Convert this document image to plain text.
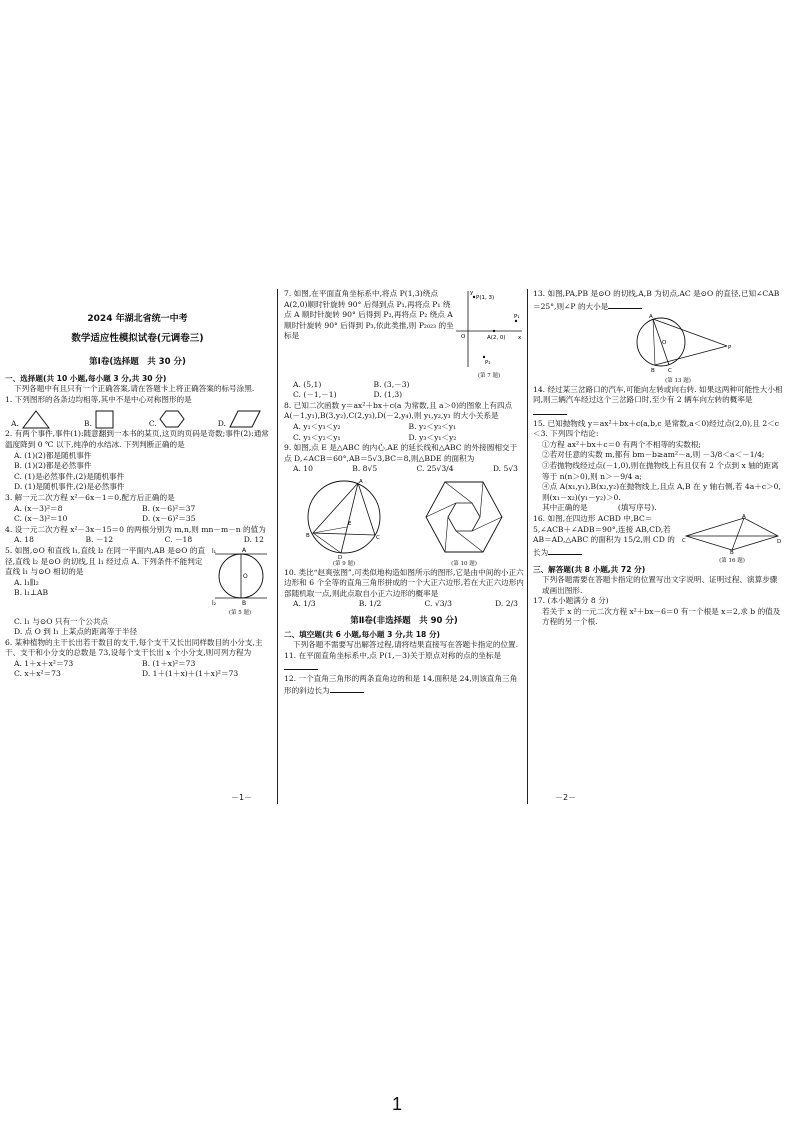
2024 年湖北省统一中考
数学适应性模拟试卷(元调卷三)
第Ⅰ卷(选择题　共 30 分)

一、选择题(共 10 小题,每小题 3 分,共 30 分)

下列各题中有且只有一个正确答案,请在答题卡上将正确答案的标号涂黑.

1. 下列图形的各条边均相等,其中不是中心对称图形的是

A.	B.	C.	D.

2. 有两个事件,事件(1):随意翻到一本书的某页,这页的页码是奇数;事件(2):通常温度降到 0 ℃ 以下,纯净的水结冰. 下列判断正确的是

A. (1)(2)都是随机事件

B. (1)(2)都是必然事件

C. (1)是必然事件,(2)是随机事件

D. (1)是随机事件,(2)是必然事件

3. 解一元二次方程 x²－6x－1＝0,配方后正确的是

A. (x－3)²＝8	B. (x－6)²＝37
C. (x－3)²＝10	D. (x－6)²＝35

4. 设一元二次方程 x²－3x－15＝0 的两根分别为 m,n,则 mn－m－n 的值为

A. 18	B. －12	C. －18	D. 12

5. 如图,⊙O 和直线 l₁,直线 l₂ 在同一平面内,AB 是⊙O 的直径,直线 l₂ 是⊙O 的切线,且 l₁ 经过点 A. 下列条件不能判定直线 l₁ 与⊙O 相切的是

A. l₁∥l₂

B. l₁⊥AB

A
B
O
l₁
l₂
(第 5 题)

C. l₁ 与⊙O 只有一个公共点

D. 点 O 到 l₁ 上某点的距离等于半径

6. 某种植物的主干长出若干数目的支干,每个支干又长出同样数目的小分支,主干、支干和小分支的总数是 73,设每个支干长出 x 个小分支,则可列方程为

A. 1＋x＋x²＝73	B. (1＋x)²＝73
C. x＋x²＝73	D. 1＋(1＋x)＋(1＋x)²＝73

7. 如图,在平面直角坐标系中,将点 P(1,3)绕点 A(2,0)顺时针旋转 90° 后得到点 P₁,再将点 P₁ 绕点 A 顺时针旋转 90° 后得到 P₂,再将点 P₂ 绕点 A 顺时针旋转 90° 后得到 P₃,依此类推,则 P₂₀₂₃ 的坐标是

P(1, 3)
P₁
P₂
A(2, 0)
O
y
x
(第 7 题)
A. (5,1)	B. (3,－3)
C. (－1,－1)	D. (1,3)

8. 已知二次函数 y＝ax²＋bx＋c(a 为常数,且 a＞0)的图象上有四点 A(－1,y₁),B(3,y₂),C(2,y₃),D(－2,y₄),则 y₁,y₂,y₃ 的大小关系是

A. y₁＜y₃＜y₂	B. y₂＜y₃＜y₁
C. y₃＜y₂＜y₁	D. y₃＜y₁＜y₂

9. 如图,点 E 是△ABC 的内心,AE 的延长线和△ABC 的外接圆相交于点 D,∠ACB＝60°,AB＝5√3,BC＝8,则△BDE 的面积为

A. 10	B. 8√5	C. 25√3/4	D. 5√3
A
B	C
D
E
(第 9 题)	(第 10 题)

10. 类比“赵爽弦图”,可类似地构造如图所示的图形,它是由中间的小正六边形和 6 个全等的直角三角形拼成的一个大正六边形,若在大正六边形内部随机取一点,则此点取自小正六边形的概率是

A. 1/3	B. 1/2	C. √3/3	D. 2/3
第Ⅱ卷(非选择题　共 90 分)

二、填空题(共 6 小题,每小题 3 分,共 18 分)

下列各题不需要写出解答过程,请将结果直接写在答题卡指定的位置.

11. 在平面直角坐标系中,点 P(1,－3)关于原点对称的点的坐标是

12. 一个直角三角形的两条直角边的和是 14,面积是 24,则该直角三角形的斜边长为

13. 如图,PA,PB 是⊙O 的切线,A,B 为切点,AC 是⊙O 的直径,已知∠CAB＝25°,则∠P 的大小是

A
P
B C
O
(第 13 题)

14. 经过某三岔路口的汽车,可能向左转或向右转. 如果这两种可能性大小相同,则三辆汽车经过这个三岔路口时,至少有 2 辆车向左转的概率是

15. 已知抛物线 y＝ax²＋bx＋c(a,b,c 是常数,a＜0)经过点(2,0),且 2＜c＜3. 下列四个结论:

①方程 ax²＋bx＋c＝0 有两个不相等的实数根;

②若对任意的实数 m,都有 bm－b≥am²－a,则 －3/8＜a＜－1/4;

③若抛物线经过点(－1,0),则在抛物线上有且仅有 2 个点到 x 轴的距离等于 n(n＞0),则 n＞－9/4 a;

④点 A(x₁,y₁),B(x₂,y₂)在抛物线上,且点 A,B 在 y 轴右侧,若 4a＋c＞0,则(x₁－x₂)(y₁－y₂)＞0.

其中正确的是　　　　(填写序号).

16. 如图,在四边形 ACBD 中,BC＝5,∠ACB＋∠ADB＝90°,连接 AB,CD,若 AB＝AD,△ABC 的面积为 15/2,则 CD 的长为

C
A
D
B
(第 16 题)

三、解答题(共 8 小题,共 72 分)

下列各题需要在答题卡指定的位置写出文字说明、证明过程、演算步骤或画出图形.

17. (本小题满分 8 分)

若关于 x 的一元二次方程 x²＋bx－6＝0 有一个根是 x＝2,求 b 的值及方程的另一个根.

－1－	－2－
1
